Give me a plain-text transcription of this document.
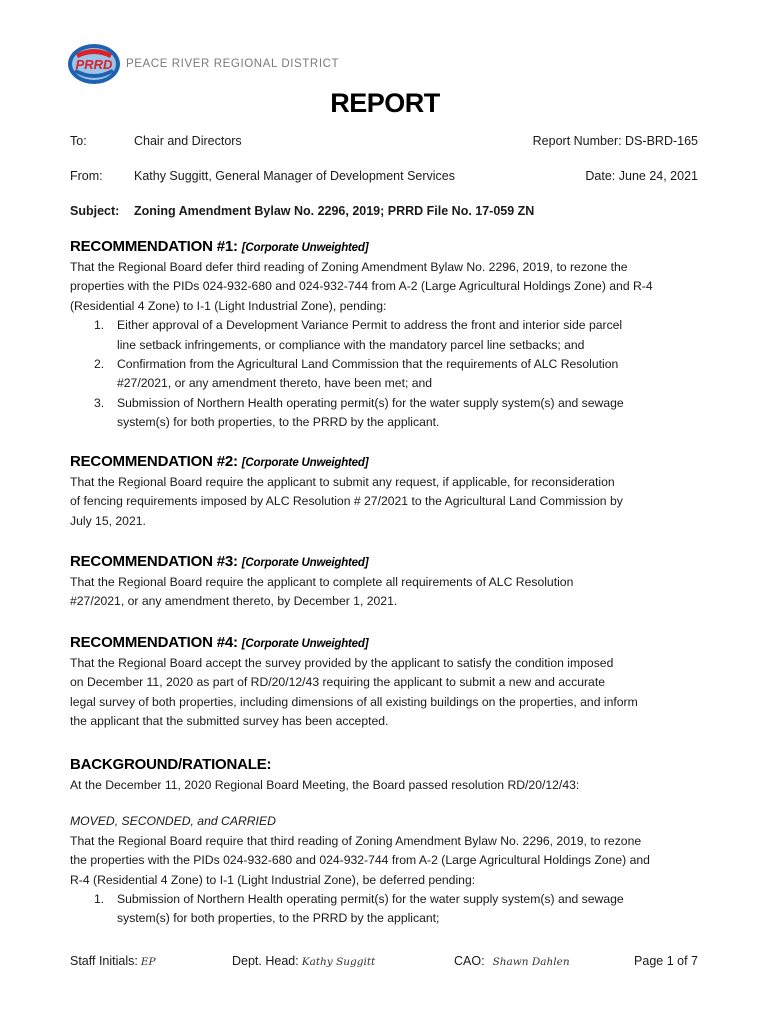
PRRD PEACE RIVER REGIONAL DISTRICT
REPORT
To:	Chair and Directors	Report Number: DS-BRD-165
From:	Kathy Suggitt, General Manager of Development Services	Date: June 24, 2021
Subject: Zoning Amendment Bylaw No. 2296, 2019; PRRD File No. 17-059 ZN
RECOMMENDATION #1: [Corporate Unweighted]
That the Regional Board defer third reading of Zoning Amendment Bylaw No. 2296, 2019, to rezone the
properties with the PIDs 024-932-680 and 024-932-744 from A-2 (Large Agricultural Holdings Zone) and R-4
(Residential 4 Zone) to I-1 (Light Industrial Zone), pending:
1. Either approval of a Development Variance Permit to address the front and interior side parcel
line setback infringements, or compliance with the mandatory parcel line setbacks; and
2. Confirmation from the Agricultural Land Commission that the requirements of ALC Resolution
#27/2021, or any amendment thereto, have been met; and
3. Submission of Northern Health operating permit(s) for the water supply system(s) and sewage
system(s) for both properties, to the PRRD by the applicant.
RECOMMENDATION #2: [Corporate Unweighted]
That the Regional Board require the applicant to submit any request, if applicable, for reconsideration
of fencing requirements imposed by ALC Resolution # 27/2021 to the Agricultural Land Commission by
July 15, 2021.
RECOMMENDATION #3: [Corporate Unweighted]
That the Regional Board require the applicant to complete all requirements of ALC Resolution
#27/2021, or any amendment thereto, by December 1, 2021.
RECOMMENDATION #4: [Corporate Unweighted]
That the Regional Board accept the survey provided by the applicant to satisfy the condition imposed
on December 11, 2020 as part of RD/20/12/43 requiring the applicant to submit a new and accurate
legal survey of both properties, including dimensions of all existing buildings on the properties, and inform
the applicant that the submitted survey has been accepted.
BACKGROUND/RATIONALE:
At the December 11, 2020 Regional Board Meeting, the Board passed resolution RD/20/12/43:
MOVED, SECONDED, and CARRIED
That the Regional Board require that third reading of Zoning Amendment Bylaw No. 2296, 2019, to rezone
the properties with the PIDs 024-932-680 and 024-932-744 from A-2 (Large Agricultural Holdings Zone) and
R-4 (Residential 4 Zone) to I-1 (Light Industrial Zone), be deferred pending:
1. Submission of Northern Health operating permit(s) for the water supply system(s) and sewage
system(s) for both properties, to the PRRD by the applicant;
Staff Initials: EP	Dept. Head: Kathy Suggitt	CAO: Shawn Dahlen	Page 1 of 7
